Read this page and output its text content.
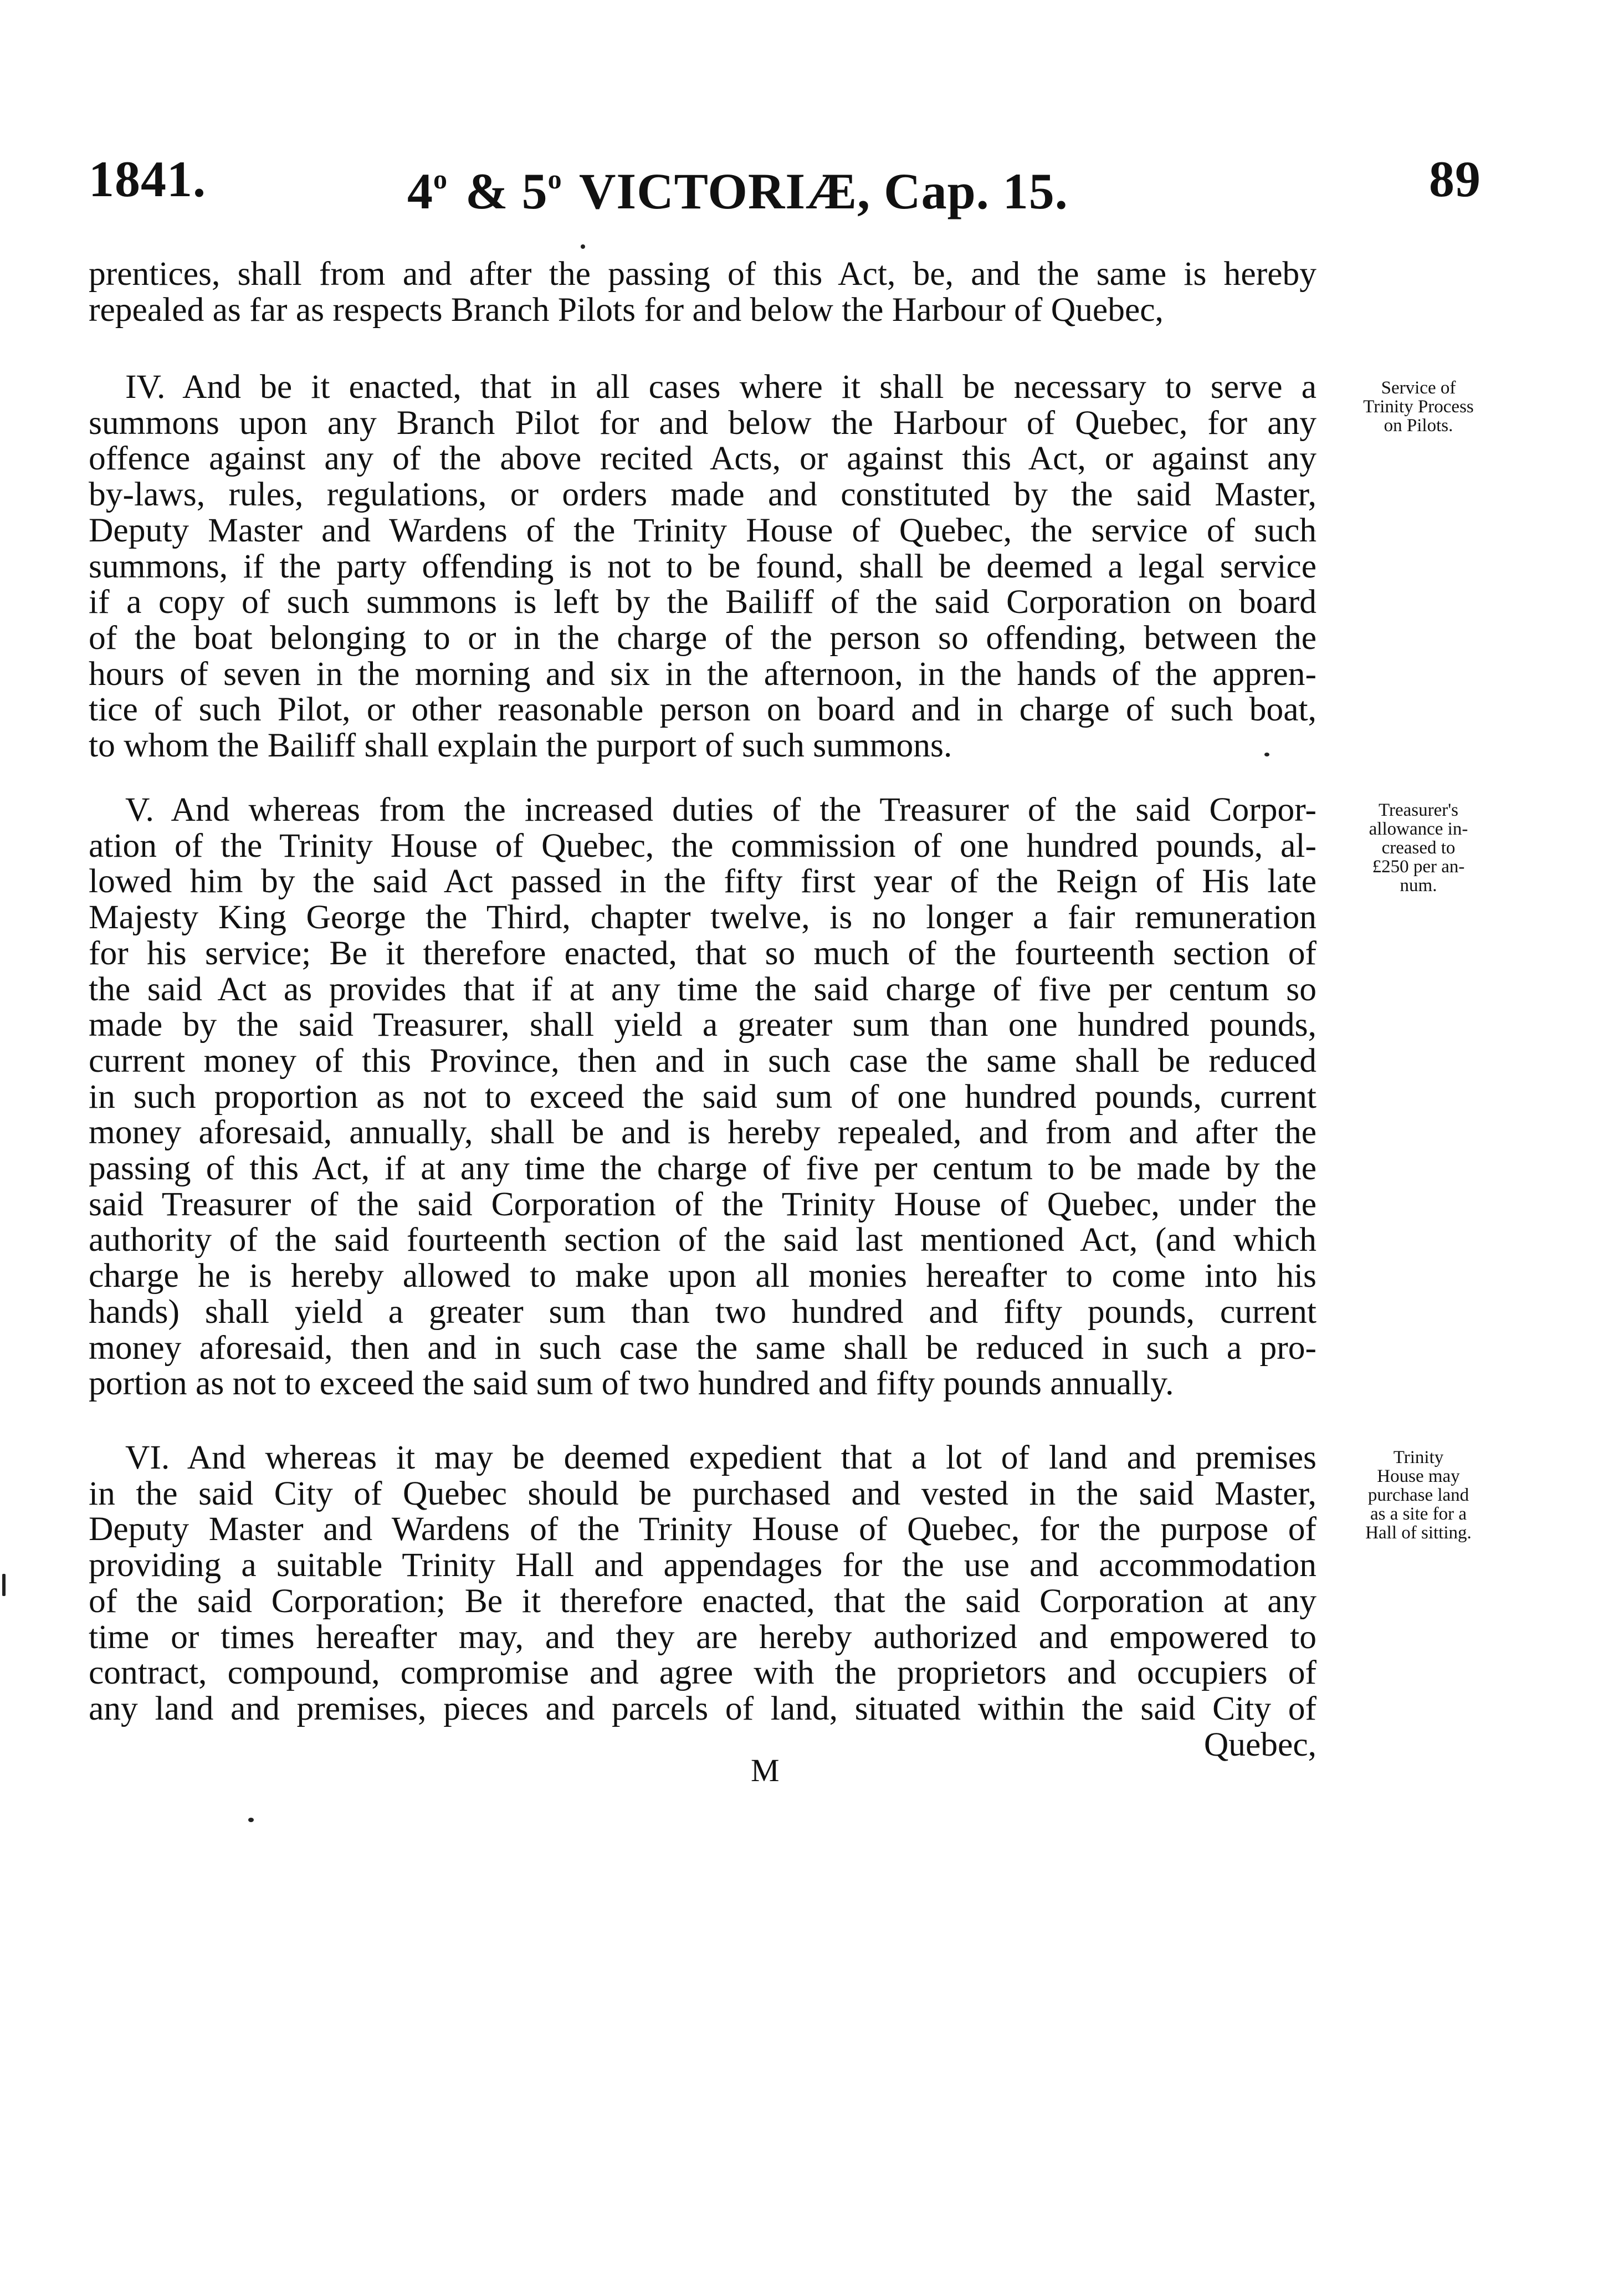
1841.	4$^o$ & 5$^o$ VICTORIÆ, Cap. 15.	89
prentices, shall from and after the passing of this Act, be, and the same is hereby
repealed as far as respects Branch Pilots for and below the Harbour of Quebec,
IV. And be it enacted, that in all cases where it shall be necessary to serve a
summons upon any Branch Pilot for and below the Harbour of Quebec, for any
offence against any of the above recited Acts, or against this Act, or against any
by-laws, rules, regulations, or orders made and constituted by the said Master,
Deputy Master and Wardens of the Trinity House of Quebec, the service of such
summons, if the party offending is not to be found, shall be deemed a legal service
if a copy of such summons is left by the Bailiff of the said Corporation on board
of the boat belonging to or in the charge of the person so offending, between the
hours of seven in the morning and six in the afternoon, in the hands of the appren-
tice of such Pilot, or other reasonable person on board and in charge of such boat,
to whom the Bailiff shall explain the purport of such summons.
Service of
Trinity Process
on Pilots.
V. And whereas from the increased duties of the Treasurer of the said Corpor-
ation of the Trinity House of Quebec, the commission of one hundred pounds, al-
lowed him by the said Act passed in the fifty first year of the Reign of His late
Majesty King George the Third, chapter twelve, is no longer a fair remuneration
for his service; Be it therefore enacted, that so much of the fourteenth section of
the said Act as provides that if at any time the said charge of five per centum so
made by the said Treasurer, shall yield a greater sum than one hundred pounds,
current money of this Province, then and in such case the same shall be reduced
in such proportion as not to exceed the said sum of one hundred pounds, current
money aforesaid, annually, shall be and is hereby repealed, and from and after the
passing of this Act, if at any time the charge of five per centum to be made by the
said Treasurer of the said Corporation of the Trinity House of Quebec, under the
authority of the said fourteenth section of the said last mentioned Act, (and which
charge he is hereby allowed to make upon all monies hereafter to come into his
hands) shall yield a greater sum than two hundred and fifty pounds, current
money aforesaid, then and in such case the same shall be reduced in such a pro-
portion as not to exceed the said sum of two hundred and fifty pounds annually.
Treasurer's
allowance in-
creased to
£250 per an-
num.
VI. And whereas it may be deemed expedient that a lot of land and premises
in the said City of Quebec should be purchased and vested in the said Master,
Deputy Master and Wardens of the Trinity House of Quebec, for the purpose of
providing a suitable Trinity Hall and appendages for the use and accommodation
of the said Corporation; Be it therefore enacted, that the said Corporation at any
time or times hereafter may, and they are hereby authorized and empowered to
contract, compound, compromise and agree with the proprietors and occupiers of
any land and premises, pieces and parcels of land, situated within the said City of
Quebec,
Trinity
House may
purchase land
as a site for a
Hall of sitting.
M
